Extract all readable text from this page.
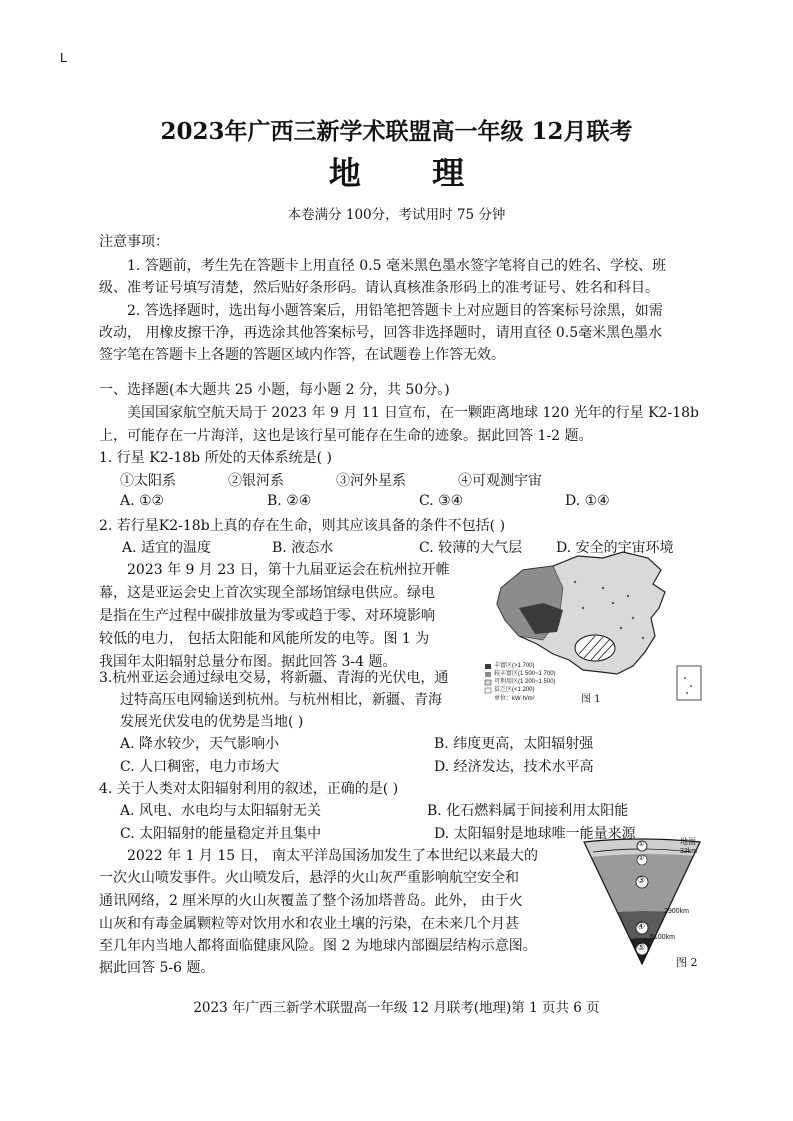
L
2023年广西三新学术联盟高一年级 12月联考
地 理
本卷满分 100分，考试用时 75 分钟
注意事项：
1. 答题前，考生先在答题卡上用直径 0.5 毫米黑色墨水签字笔将自己的姓名、学校、班
级、准考证号填写清楚，然后贴好条形码。请认真核准条形码上的准考证号、姓名和科目。
2. 答选择题时，选出每小题答案后，用铅笔把答题卡上对应题目的答案标号涂黑，如需
改动， 用橡皮擦干净，再选涂其他答案标号，回答非选择题时，请用直径 0.5毫米黑色墨水
签字笔在答题卡上各题的答题区域内作答，在试题卷上作答无效。
一、选择题(本大题共 25 小题，每小题 2 分，共 50分。)
美国国家航空航天局于 2023 年 9 月 11 日宣布，在一颗距离地球 120 光年的行星 K2-18b
上，可能存在一片海洋，这也是该行星可能存在生命的迹象。据此回答 1-2 题。
1. 行星 K2-18b 所处的天体系统是( )
①太阳系	②银河系	③河外星系	④可观测宇宙
A. ①②	B. ②④	C. ③④	D. ①④
2. 若行星K2-18b上真的存在生命，则其应该具备的条件不包括( )
A. 适宜的温度	B. 液态水	C. 较薄的大气层 D. 安全的宇宙环境
2023 年 9 月 23 日，第十九届亚运会在杭州拉开帷
幕，这是亚运会史上首次实现全部场馆绿电供应。绿电
是指在生产过程中碳排放量为零或趋于零、对环境影响
较低的电力， 包括太阳能和风能所发的电等。图 1 为
我国年太阳辐射总量分布图。据此回答 3-4 题。	丰富区(>1 700)
较丰富区(1 500~1 700)
可利用区(1 200~1 500)
贫乏区(<1 200)
单位：kW·h/m²	图 1
3.杭州亚运会通过绿电交易，将新疆、青海的光伏电，通
过特高压电网输送到杭州。与杭州相比，新疆、青海
发展光伏发电的优势是当地( )
A. 降水较少，天气影响小	B. 纬度更高，太阳辐射强
C. 人口稠密，电力市场大	D. 经济发达，技术水平高
4. 关于人类对太阳辐射利用的叙述，正确的是( )
A. 风电、水电均与太阳辐射无关	B. 化石燃料属于间接利用太阳能
C. 太阳辐射的能量稳定并且集中	D. 太阳辐射是地球唯一能量来源
2022 年 1 月 15 日， 南太平洋岛国汤加发生了本世纪以来最大的
一次火山喷发事件。火山喷发后，悬浮的火山灰严重影响航空安全和
通讯网络，2 厘米厚的火山灰覆盖了整个汤加塔普岛。此外， 由于火
山灰和有毒金属颗粒等对饮用水和农业土壤的污染，在未来几个月甚
至几年内当地人都将面临健康风险。图 2 为地球内部圈层结构示意图。
据此回答 5-6 题。
①
②
③
④
⑤
地面
33km
2900km
5100km
图 2
2023 年广西三新学术联盟高一年级 12 月联考(地理)第 1 页共 6 页
